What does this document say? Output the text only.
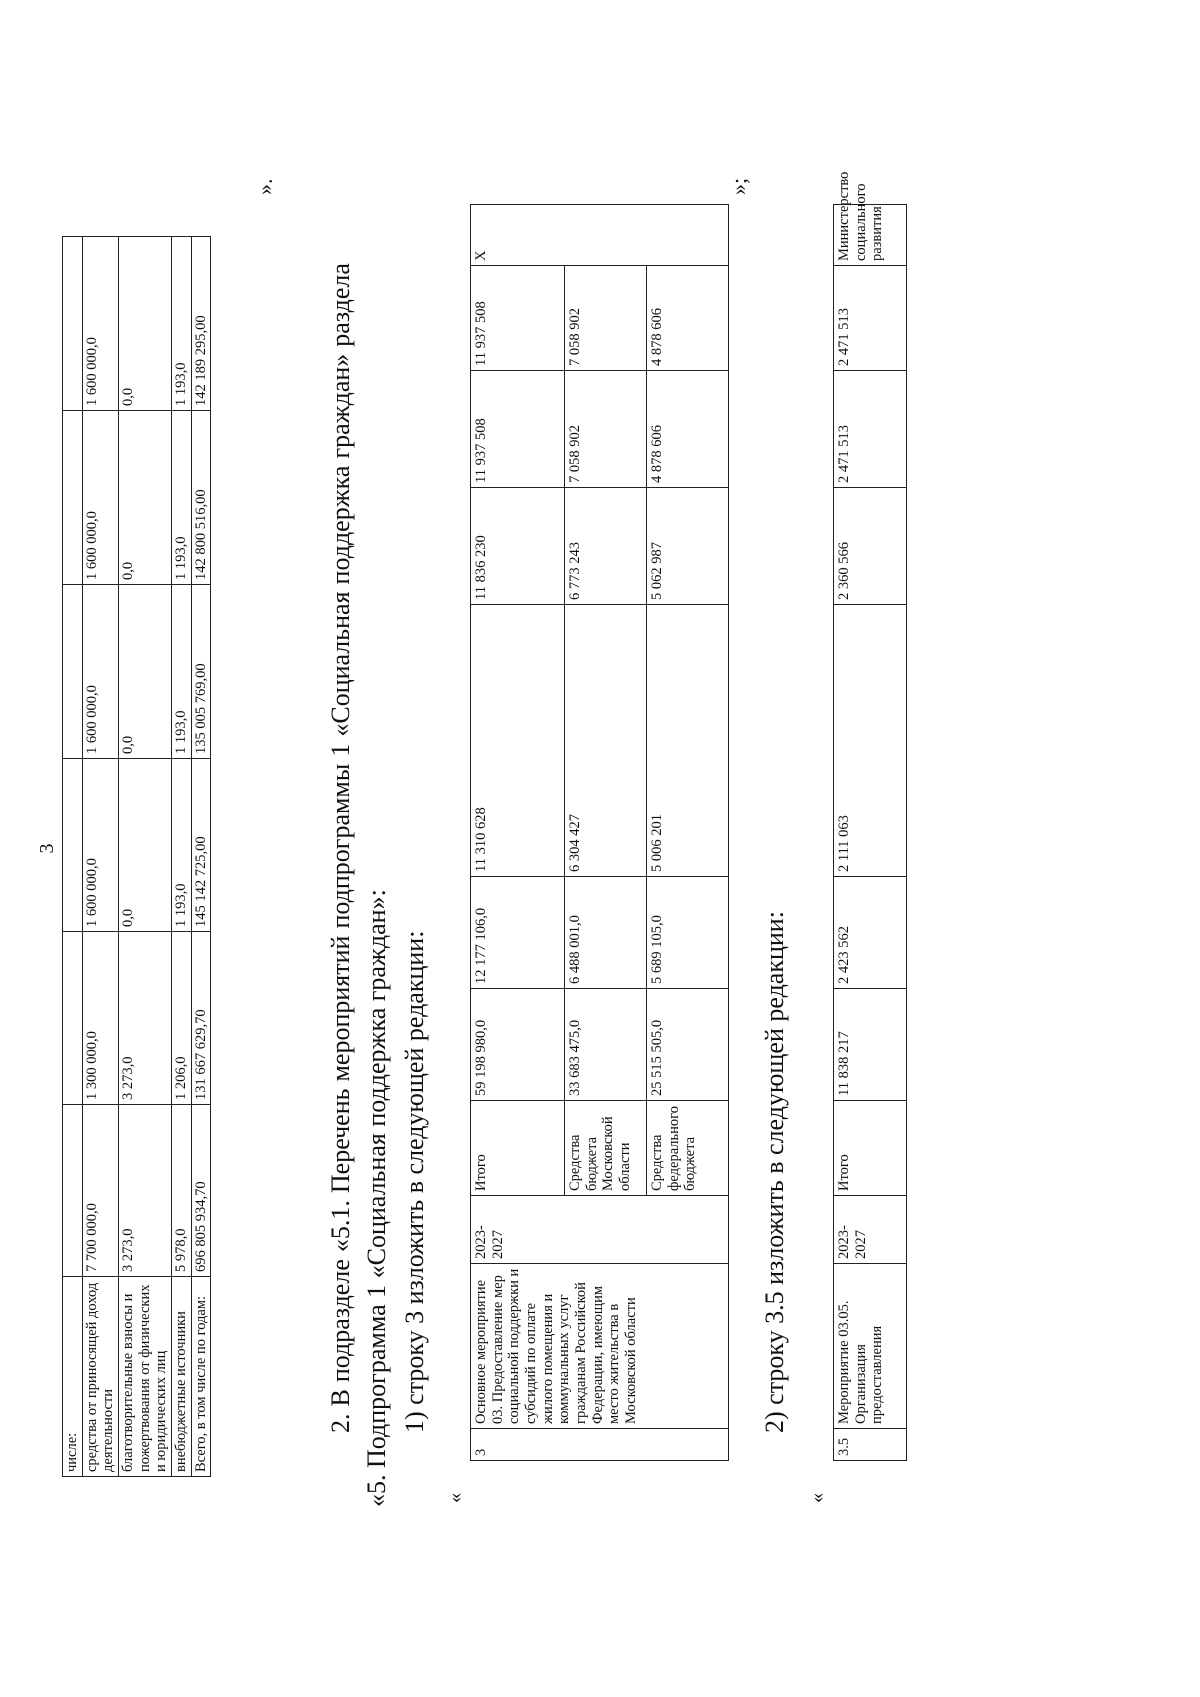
3
числе:						
средства от приносящей доход деятельности	7 700 000,0	1 300 000,0	1 600 000,0	1 600 000,0	1 600 000,0	1 600 000,0
благотворительные взносы и пожертвования от физических и юридических лиц	3 273,0	3 273,0	0,0	0,0	0,0	0,0
внебюджетные источники	5 978,0	1 206,0	1 193,0	1 193,0	1 193,0	1 193,0
Всего, в том числе по годам:	696 805 934,70	131 667 629,70	145 142 725,00	135 005 769,00	142 800 516,00	142 189 295,00
».
2.
В
подразделе
«5.1.
Перечень
мероприятий
подпрограммы
1
«Социальная
поддержка
граждан»
раздела
«5. Подпрограмма 1 «Социальная поддержка граждан»: 1) строку 3 изложить в следующей редакции:
«
3	Основное мероприятие 03. Предоставление мер социальной поддержки и субсидий по оплате жилого помещения и коммунальных услуг гражданам Российской Федерации, имеющим место жительства в Московской области	2023-2027	Итого	59 198 980,0	12 177 106,0	11 310 628	11 836 230	11 937 508	11 937 508	Х
			Средства бюджета Московской области	33 683 475,0	6 488 001,0	6 304 427	6 773 243	7 058 902	7 058 902	
			Средства федерального бюджета	25 515 505,0	5 689 105,0	5 006 201	5 062 987	4 878 606	4 878 606	
»;
2) строку 3.5 изложить в следующей редакции:
«
3.5	Мероприятие 03.05. Организация предоставления	2023-2027	Итого	11 838 217	2 423 562	2 111 063	2 360 566	2 471 513	2 471 513	Министерство социального развития
